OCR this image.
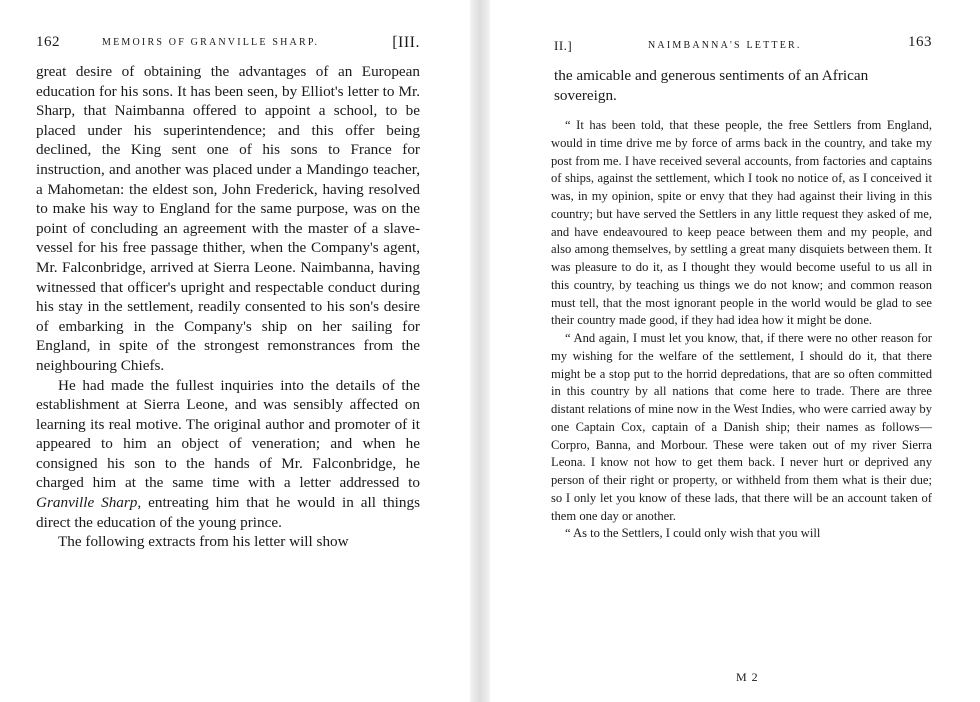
162	MEMOIRS OF GRANVILLE SHARP.	[III.

great desire of obtaining the advantages of an European education for his sons. It has been seen, by Elliot's letter to Mr. Sharp, that Naimbanna offered to appoint a school, to be placed under his superintendence; and this offer being declined, the King sent one of his sons to France for instruction, and another was placed under a Mandingo teacher, a Mahometan: the eldest son, John Frederick, having resolved to make his way to England for the same purpose, was on the point of concluding an agreement with the master of a slave-vessel for his free passage thither, when the Company's agent, Mr. Falconbridge, arrived at Sierra Leone. Naimbanna, having witnessed that officer's upright and respectable conduct during his stay in the settlement, readily consented to his son's desire of embarking in the Company's ship on her sailing for England, in spite of the strongest remonstrances from the neighbouring Chiefs.

He had made the fullest inquiries into the details of the establishment at Sierra Leone, and was sensibly affected on learning its real motive. The original author and promoter of it appeared to him an object of veneration; and when he consigned his son to the hands of Mr. Falconbridge, he charged him at the same time with a letter addressed to Granville Sharp, entreating him that he would in all things direct the education of the young prince.

The following extracts from his letter will show

II.]	NAIMBANNA'S LETTER.	163
the amicable and generous sentiments of an African sovereign.

“ It has been told, that these people, the free Settlers from England, would in time drive me by force of arms back in the country, and take my post from me. I have received several accounts, from factories and captains of ships, against the settlement, which I took no notice of, as I conceived it was, in my opinion, spite or envy that they had against their living in this country; but have served the Settlers in any little request they asked of me, and have endeavoured to keep peace between them and my people, and also among themselves, by settling a great many disquiets between them. It was pleasure to do it, as I thought they would become useful to us all in this country, by teaching us things we do not know; and common reason must tell, that the most ignorant people in the world would be glad to see their country made good, if they had idea how it might be done.

“ And again, I must let you know, that, if there were no other reason for my wishing for the welfare of the settlement, I should do it, that there might be a stop put to the horrid depredations, that are so often committed in this country by all nations that come here to trade. There are three distant relations of mine now in the West Indies, who were carried away by one Captain Cox, captain of a Danish ship; their names as follows—Corpro, Banna, and Morbour. These were taken out of my river Sierra Leona. I know not how to get them back. I never hurt or deprived any person of their right or property, or withheld from them what is their due; so I only let you know of these lads, that there will be an account taken of them one day or another.

“ As to the Settlers, I could only wish that you will

M 2
